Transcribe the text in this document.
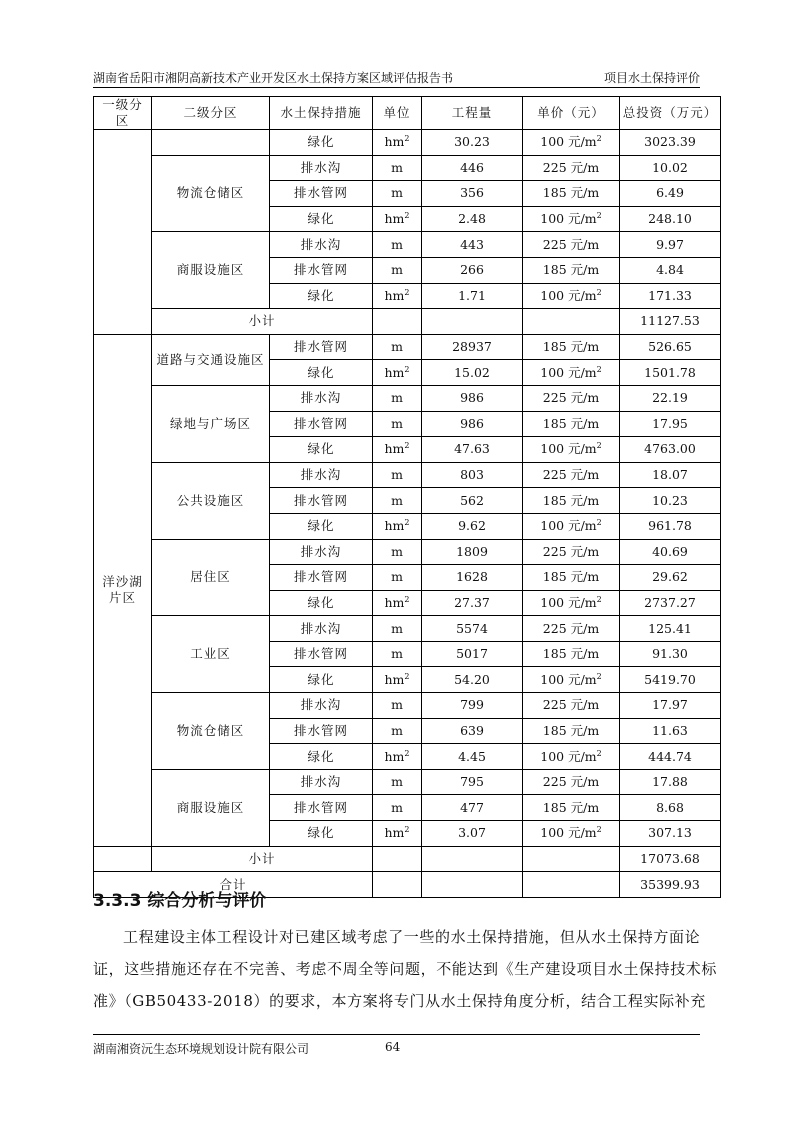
湖南省岳阳市湘阴高新技术产业开发区水土保持方案区域评估报告书	项目水土保持评价
一级分区	二级分区	水土保持措施	单位	工程量	单价（元）	总投资（万元）
		绿化	$hm^2$	30.23	100 元$/m^2$	3023.39
	物流仓储区	排水沟	m	446	225 元/m	10.02
		排水管网	m	356	185 元/m	6.49
		绿化	$hm^2$	2.48	100 元$/m^2$	248.10
	商服设施区	排水沟	m	443	225 元/m	9.97
		排水管网	m	266	185 元/m	4.84
		绿化	$hm^2$	1.71	100 元$/m^2$	171.33
	小计					11127.53
洋沙湖片区	道路与交通设施区	排水管网	m	28937	185 元/m	526.65
		绿化	$hm^2$	15.02	100 元$/m^2$	1501.78
	绿地与广场区	排水沟	m	986	225 元/m	22.19
		排水管网	m	986	185 元/m	17.95
		绿化	$hm^2$	47.63	100 元$/m^2$	4763.00
	公共设施区	排水沟	m	803	225 元/m	18.07
		排水管网	m	562	185 元/m	10.23
		绿化	$hm^2$	9.62	100 元$/m^2$	961.78
	居住区	排水沟	m	1809	225 元/m	40.69
		排水管网	m	1628	185 元/m	29.62
		绿化	$hm^2$	27.37	100 元$/m^2$	2737.27
	工业区	排水沟	m	5574	225 元/m	125.41
		排水管网	m	5017	185 元/m	91.30
		绿化	$hm^2$	54.20	100 元$/m^2$	5419.70
	物流仓储区	排水沟	m	799	225 元/m	17.97
		排水管网	m	639	185 元/m	11.63
		绿化	$hm^2$	4.45	100 元$/m^2$	444.74
	商服设施区	排水沟	m	795	225 元/m	17.88
		排水管网	m	477	185 元/m	8.68
		绿化	$hm^2$	3.07	100 元$/m^2$	307.13
	小计					17073.68
合计						35399.93
3.3.3 综合分析与评价

工程建设主体工程设计对已建区域考虑了一些的水土保持措施，但从水土保持方面论证，这些措施还存在不完善、考虑不周全等问题，不能达到《生产建设项目水土保持技术标准》（GB50433-2018）的要求，本方案将专门从水土保持角度分析，结合工程实际补充

湖南湘资沅生态环境规划设计院有限公司	64
